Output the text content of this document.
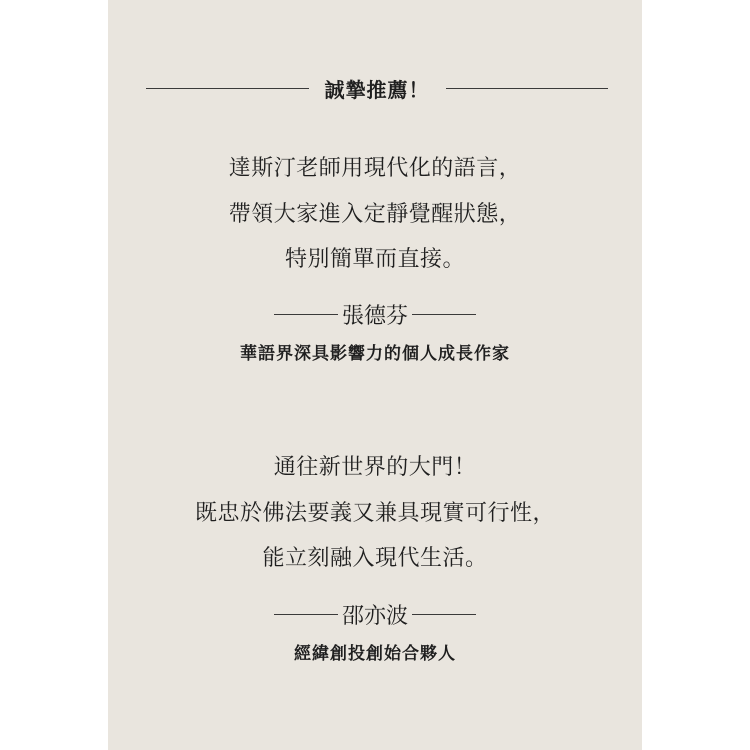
誠摯推薦！
達斯汀老師用現代化的語言，
帶領大家進入定靜覺醒狀態，
特別簡單而直接。
張德芬
華語界深具影響力的個人成長作家
通往新世界的大門！
既忠於佛法要義又兼具現實可行性，
能立刻融入現代生活。
邵亦波
經緯創投創始合夥人
